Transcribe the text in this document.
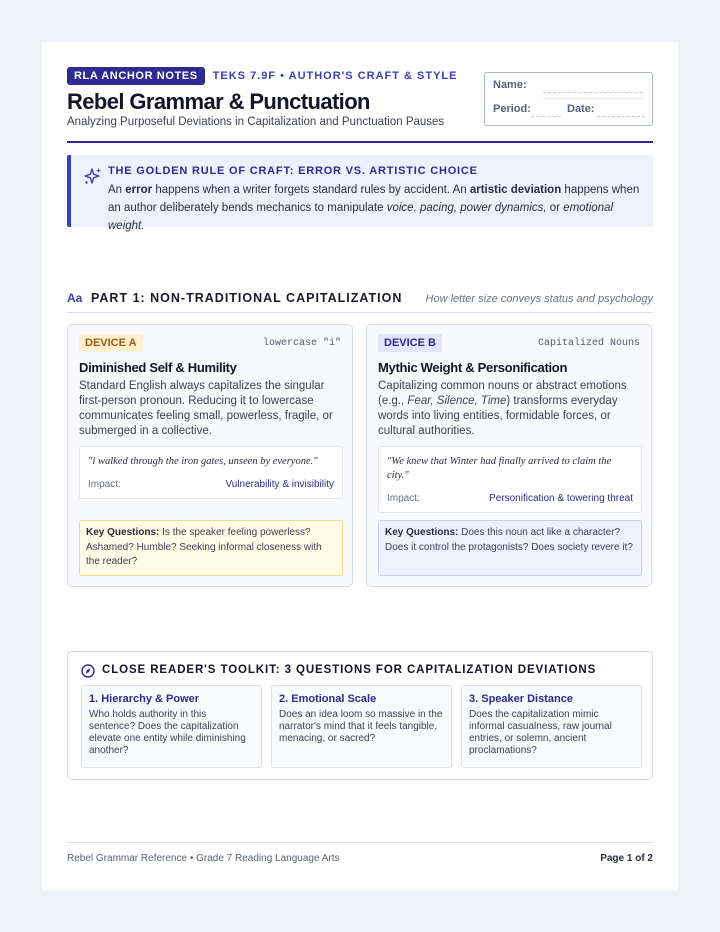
RLA ANCHOR NOTES	TEKS 7.9F • AUTHOR'S CRAFT & STYLE
Rebel Grammar & Punctuation
Analyzing Purposeful Deviations in Capitalization and Punctuation Pauses
Name:
Period:	Date:
THE GOLDEN RULE OF CRAFT: ERROR VS. ARTISTIC CHOICE

An error happens when a writer forgets standard rules by accident. An artistic deviation happens when an author deliberately bends mechanics to manipulate voice, pacing, power dynamics, or emotional weight.

Aa PART 1: NON-TRADITIONAL CAPITALIZATION How letter size conveys status and psychology
DEVICE A	lowercase "i"
Diminished Self & Humility
Standard English always capitalizes the singular first-person pronoun. Reducing it to lowercase communicates feeling small, powerless, fragile, or submerged in a collective.
"i walked through the iron gates, unseen by everyone."
Impact:	Vulnerability & invisibility
Key Questions: Is the speaker feeling powerless? Ashamed? Humble? Seeking informal closeness with the reader?
DEVICE B	Capitalized Nouns
Mythic Weight & Personification
Capitalizing common nouns or abstract emotions (e.g., Fear, Silence, Time) transforms everyday words into living entities, formidable forces, or cultural authorities.
"We knew that Winter had finally arrived to claim the city."
Impact:	Personification & towering threat
Key Questions: Does this noun act like a character? Does it control the protagonists? Does society revere it?
CLOSE READER'S TOOLKIT: 3 QUESTIONS FOR CAPITALIZATION DEVIATIONS
1. Hierarchy & Power
Who holds authority in this sentence? Does the capitalization elevate one entity while diminishing another?
2. Emotional Scale
Does an idea loom so massive in the narrator's mind that it feels tangible, menacing, or sacred?
3. Speaker Distance
Does the capitalization mimic informal casualness, raw journal entries, or solemn, ancient proclamations?
Rebel Grammar Reference • Grade 7 Reading Language Arts	Page 1 of 2
